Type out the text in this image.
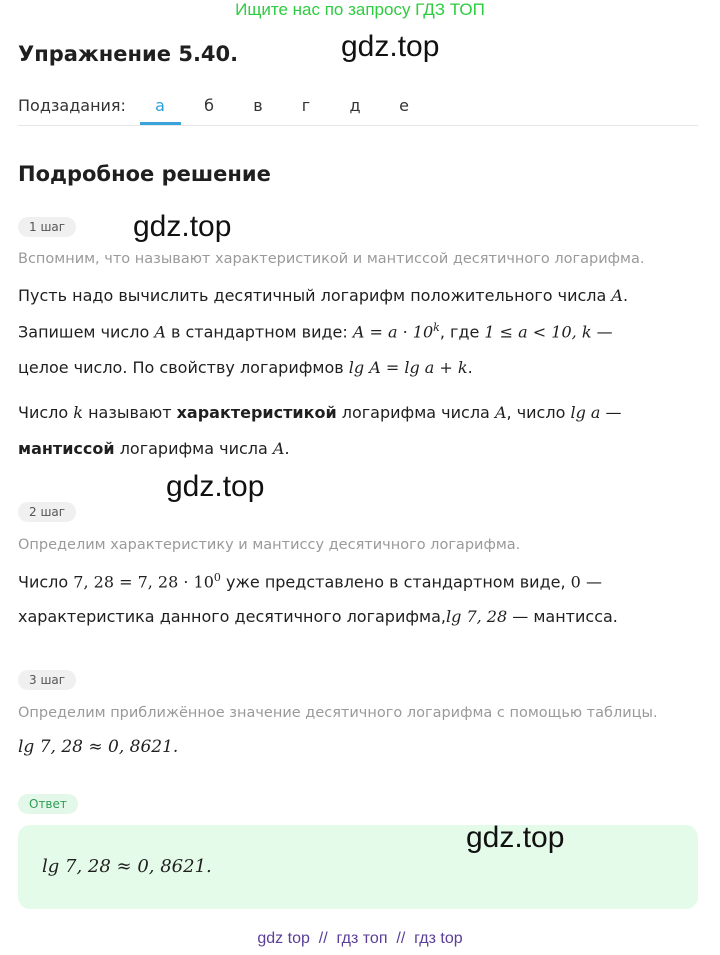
Ищите нас по запросу ГДЗ ТОП
Упражнение 5.40.	gdz.top
Подзадания:	а	б	в	г	д	е
Подробное решение
1 шаг	gdz.top
Вспомним, что называют характеристикой и мантиссой десятичного логарифма.
Пусть надо вычислить десятичный логарифм положительного числа A.
Запишем число A в стандартном виде: $A = a \cdot 10^k$, где 1 ≤ a < 10, k —
целое число. По свойству логарифмов lg A = lg a + k.
Число k называют характеристикой логарифма числа A, число lg a —
мантиссой логарифма числа A.
gdz.top
2 шаг
Определим характеристику и мантиссу десятичного логарифма.
Число 7, 28 = 7, $28 \cdot 10^0$ уже представлено в стандартном виде, 0 —
характеристика данного десятичного логарифма,lg 7, 28 — мантисса.
3 шаг
Определим приближённое значение десятичного логарифма с помощью таблицы.
lg 7, 28 ≈ 0, 8621.
Ответ
gdz.top
lg 7, 28 ≈ 0, 8621.
gdz top  //  гдз топ  //  гдз top
